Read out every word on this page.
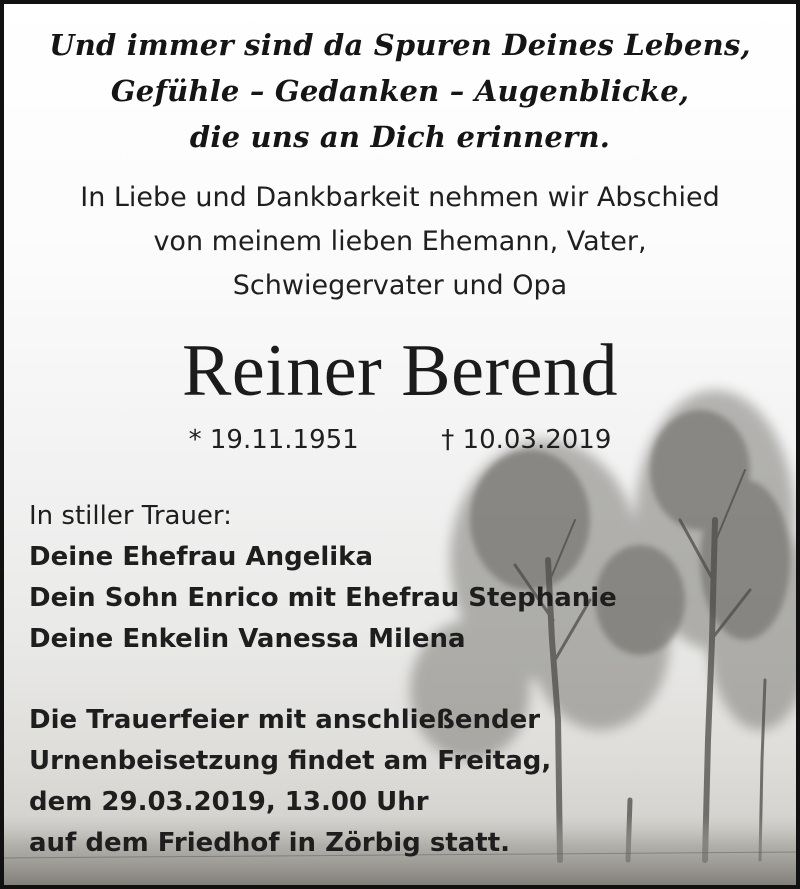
Und immer sind da Spuren Deines Lebens,
Gefühle – Gedanken – Augenblicke,
die uns an Dich erinnern.
In Liebe und Dankbarkeit nehmen wir Abschied
von meinem lieben Ehemann, Vater,
Schwiegervater und Opa
Reiner Berend
* 19.11.1951	† 10.03.2019
In stiller Trauer:
Deine Ehefrau Angelika
Dein Sohn Enrico mit Ehefrau Stephanie
Deine Enkelin Vanessa Milena
Die Trauerfeier mit anschließender
Urnenbeisetzung findet am Freitag,
dem 29.03.2019, 13.00 Uhr
auf dem Friedhof in Zörbig statt.
